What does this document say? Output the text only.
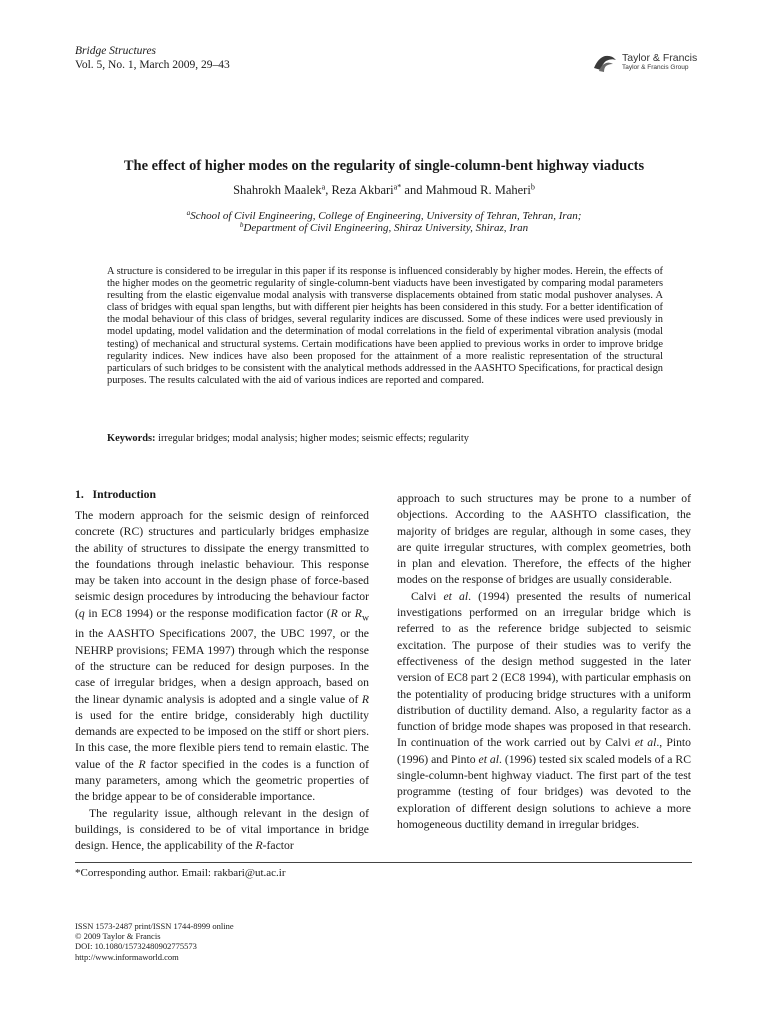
Bridge Structures
Vol. 5, No. 1, March 2009, 29–43
Taylor & Francis
Taylor & Francis Group
The effect of higher modes on the regularity of single-column-bent highway viaducts
Shahrokh Maalek$^a$, Reza Akbari$^{a*}$ and Mahmoud R. Maheri$^b$
$^a$School of Civil Engineering, College of Engineering, University of Tehran, Tehran, Iran;
$^b$Department of Civil Engineering, Shiraz University, Shiraz, Iran
A structure is considered to be irregular in this paper if its response is influenced considerably by higher modes. Herein, the effects of the higher modes on the geometric regularity of single-column-bent viaducts have been investigated by comparing modal parameters resulting from the elastic eigenvalue modal analysis with transverse displacements obtained from static modal pushover analyses. A class of bridges with equal span lengths, but with different pier heights has been considered in this study. For a better identification of the modal behaviour of this class of bridges, several regularity indices are discussed. Some of these indices were used previously in model updating, model validation and the determination of modal correlations in the field of experimental vibration analysis (modal testing) of mechanical and structural systems. Certain modifications have been applied to previous works in order to improve bridge regularity indices. New indices have also been proposed for the attainment of a more realistic representation of the structural particulars of such bridges to be consistent with the analytical methods addressed in the AASHTO Specifications, for practical design purposes. The results calculated with the aid of various indices are reported and compared.
Keywords: irregular bridges; modal analysis; higher modes; seismic effects; regularity
1. Introduction

The modern approach for the seismic design of reinforced concrete (RC) structures and particularly bridges emphasize the ability of structures to dissipate the energy transmitted to the foundations through inelastic behaviour. This response may be taken into account in the design phase of force-based seismic design procedures by introducing the behaviour factor (q in EC8 1994) or the response modification factor (R or $R_w$ in the AASHTO Specifications 2007, the UBC 1997, or the NEHRP provisions; FEMA 1997) through which the response of the structure can be reduced for design purposes. In the case of irregular bridges, when a design approach, based on the linear dynamic analysis is adopted and a single value of R is used for the entire bridge, considerably high ductility demands are expected to be imposed on the stiff or short piers. In this case, the more flexible piers tend to remain elastic. The value of the R factor specified in the codes is a function of many parameters, among which the geometric properties of the bridge appear to be of considerable importance.

The regularity issue, although relevant in the design of buildings, is considered to be of vital importance in bridge design. Hence, the applicability of the R-factor

approach to such structures may be prone to a number of objections. According to the AASHTO classification, the majority of bridges are regular, although in some cases, they are quite irregular structures, with complex geometries, both in plan and elevation. Therefore, the effects of the higher modes on the response of bridges are usually considerable.

Calvi et al. (1994) presented the results of numerical investigations performed on an irregular bridge which is referred to as the reference bridge subjected to seismic excitation. The purpose of their studies was to verify the effectiveness of the design method suggested in the later version of EC8 part 2 (EC8 1994), with particular emphasis on the potentiality of producing bridge structures with a uniform distribution of ductility demand. Also, a regularity factor as a function of bridge mode shapes was proposed in that research. In continuation of the work carried out by Calvi et al., Pinto (1996) and Pinto et al. (1996) tested six scaled models of a RC single-column-bent highway viaduct. The first part of the test programme (testing of four bridges) was devoted to the exploration of different design solutions to achieve a more homogeneous ductility demand in irregular bridges.

*Corresponding author. Email: rakbari@ut.ac.ir
ISSN 1573-2487 print/ISSN 1744-8999 online
© 2009 Taylor & Francis
DOI: 10.1080/15732480902775573
http://www.informaworld.com
